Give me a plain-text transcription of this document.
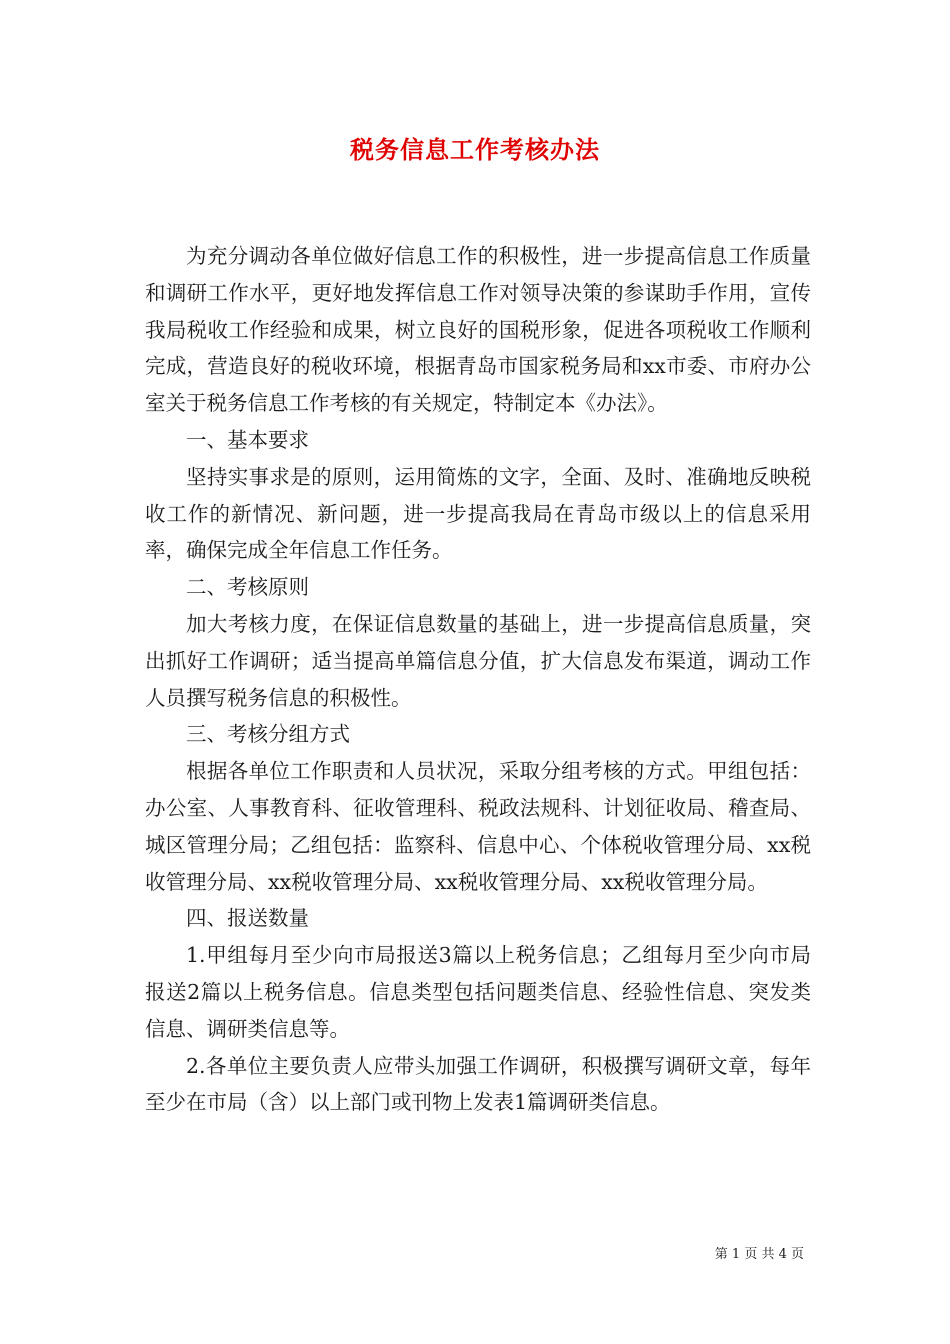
税务信息工作考核办法

为充分调动各单位做好信息工作的积极性，进一步提高信息工作质量和调研工作水平，更好地发挥信息工作对领导决策的参谋助手作用，宣传我局税收工作经验和成果，树立良好的国税形象，促进各项税收工作顺利完成，营造良好的税收环境，根据青岛市国家税务局和xx市委、市府办公室关于税务信息工作考核的有关规定，特制定本《办法》。

一、基本要求

坚持实事求是的原则，运用简炼的文字，全面、及时、准确地反映税收工作的新情况、新问题，进一步提高我局在青岛市级以上的信息采用率，确保完成全年信息工作任务。

二、考核原则

加大考核力度，在保证信息数量的基础上，进一步提高信息质量，突出抓好工作调研；适当提高单篇信息分值，扩大信息发布渠道，调动工作人员撰写税务信息的积极性。

三、考核分组方式

根据各单位工作职责和人员状况，采取分组考核的方式。甲组包括：办公室、人事教育科、征收管理科、税政法规科、计划征收局、稽查局、城区管理分局；乙组包括：监察科、信息中心、个体税收管理分局、xx税收管理分局、xx税收管理分局、xx税收管理分局、xx税收管理分局。

四、报送数量

1.甲组每月至少向市局报送3篇以上税务信息；乙组每月至少向市局报送2篇以上税务信息。信息类型包括问题类信息、经验性信息、突发类信息、调研类信息等。

2.各单位主要负责人应带头加强工作调研，积极撰写调研文章，每年至少在市局（含）以上部门或刊物上发表1篇调研类信息。

第 1 页 共 4 页
